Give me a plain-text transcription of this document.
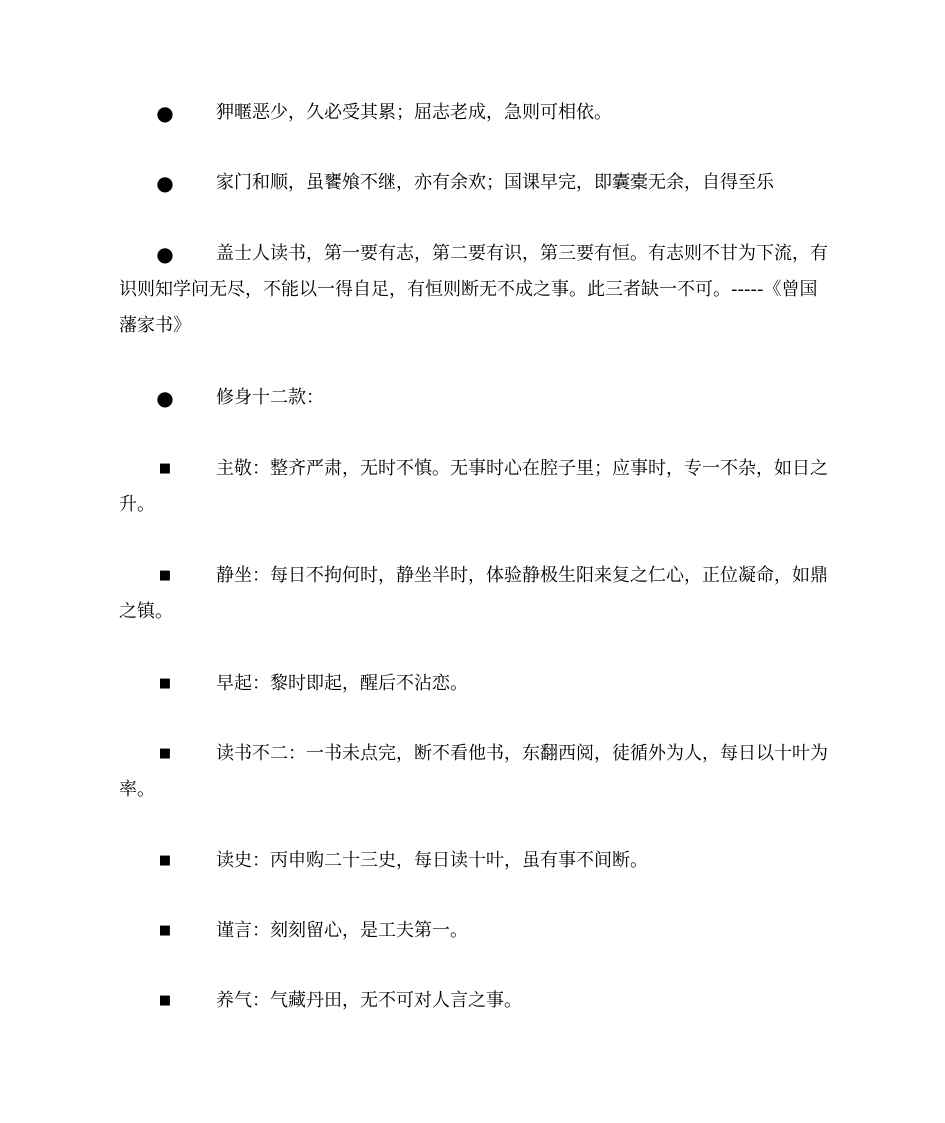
●	狎暱恶少，久必受其累；屈志老成，急则可相依。

●	家门和顺，虽饔飧不继，亦有余欢；国课早完，即囊橐无余，自得至乐

●	盖士人读书，第一要有志，第二要有识，第三要有恒。有志则不甘为下流，有识则知学问无尽，不能以一得自足，有恒则断无不成之事。此三者缺一不可。-----《曾国藩家书》

●	修身十二款：

■	主敬：整齐严肃，无时不慎。无事时心在腔子里；应事时，专一不杂，如日之升。

■	静坐：每日不拘何时，静坐半时，体验静极生阳来复之仁心，正位凝命，如鼎之镇。

■	早起：黎时即起，醒后不沾恋。

■	读书不二：一书未点完，断不看他书，东翻西阅，徒循外为人，每日以十叶为率。

■	读史：丙申购二十三史，每日读十叶，虽有事不间断。

■	谨言：刻刻留心，是工夫第一。

■	养气：气藏丹田，无不可对人言之事。
